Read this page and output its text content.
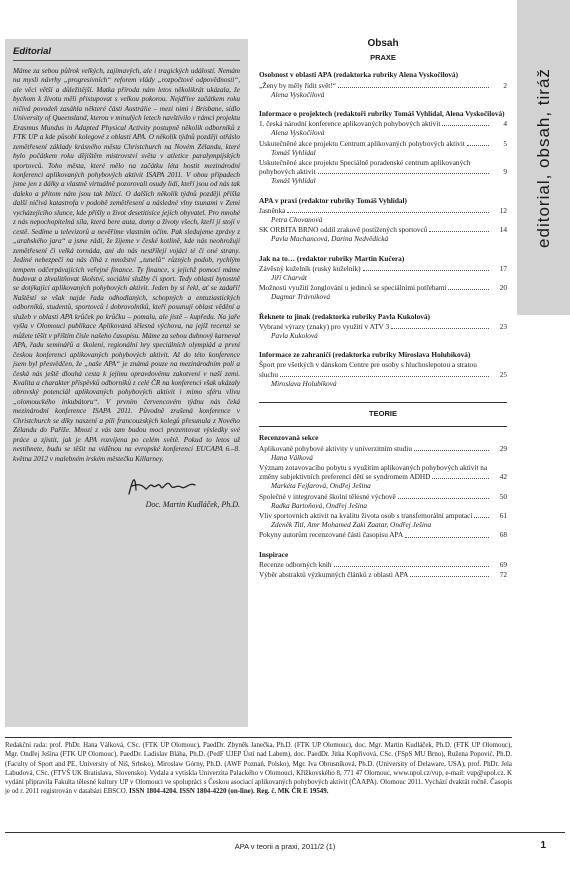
editorial, obsah, tiráž
Editorial

Máme za sebou půlrok velkých, zajímavých, ale i tragických událostí. Nemám na mysli návrhy „progresivních“ reforem vlády „rozpočtové odpovědnosti“, ale věci větší a důležitější. Matka příroda nám letos několikrát ukázala, že bychom k životu měli přistupovat s velkou pokorou. Nejdříve začátkem roku ničivá povodeň zasáhla některé části Austrálie – mezi nimi i Brisbane, sídlo University of Queensland, kterou v minulých letech navštívilo v rámci projektu Erasmus Mundus in Adapted Physical Activity postupně několik odborníků z FTK UP a kde působí kolegové z oblasti APA. O několik týdnů později otřáslo zemětřesení základy krásného města Christchurch na Novém Zélandu, které bylo počátkem roku dějištěm mistrovství světa v atletice paralympijských sportovců. Toho města, které mělo na začátku léta hostit mezinárodní konferenci aplikovaných pohybových aktivit ISAPA 2011. V obou případech jsme jen z dálky a vlastně virtuálně pozorovali osudy lidí, kteří jsou od nás tak daleko a přitom nám jsou tak blízcí. O dalších několik týdnů později přišla další ničivá katastrofa v podobě zemětřesení a následné vlny tsunami v Zemi vycházejícího slunce, kde přišly o život desetitisíce jejích obyvatel. Pro mnohé z nás nepochopitelná síla, která bere auta, domy a životy všech, kteří jí stojí v cestě. Sedíme u televizorů a nevěříme vlastním očím. Pak sledujeme zprávy z „arabského jara“ a jsme rádi, že žijeme v české kotlině, kde nás neohrožují zemětřesení či velká tornáda, ani do nás nestřílejí vojáci té či oné strany. Jediné nebezpečí na nás číhá z množství „tunelů“ různých podob, rychlým tempem odčerpávajících veřejné finance. Ty finance, s jejichž pomocí máme budovat a zkvalitňovat školství, sociální služby či sport. Tedy oblasti bytostně se dotýkající aplikovaných pohybových aktivit. Jeden by si řekl, ať se zadaří! Naštěstí se však najde řada odhodlaných, schopných a entuziastických odborníků, studentů, sportovců i dobrovolníků, kteří posunují oblast vědění a služeb v oblasti APA krůček po krůčku – pomalu, ale jistě – kupředu. Na jaře vyšla v Olomouci publikace Aplikovaná tělesná výchova, na jejíž recenzi se můžete těšit v příštím čísle našeho časopisu. Máme za sebou dubnový karneval APA, řadu seminářů a školení, regionální hry speciálních olympiád a první českou konferenci aplikovaných pohybových aktivit. Až do této konference jsem byl přesvědčen, že „naše APA“ je známá pouze na mezinárodním poli a česká nás ještě dlouhá cesta k jejímu opravdovému zakotvení v naší zemi. Kvalita a charakter příspěvků odborníků z celé ČR na konferenci však ukázaly obrovský potenciál aplikovaných pohybových aktivit i mimo sféru vlivu „olomouckého inkubátoru“. V prvním červencovém týdnu nás čeká mezinárodní konference ISAPA 2011. Původně zrušená konference v Christchurch se díky naszení a píli francouzských kolegů přesunula z Nového Zélandu do Paříže. Mnozí z vás tam budou moci prezentovat výsledky své práce a zjistit, jak je APA rozvíjena po celém světě. Pokud to letos už nestihnete, budu se těšit na viděnou na evropské konferenci EUCAPA 6.–8. května 2012 v malebném irském městečku Killarney.

Doc. Martin Kudláček, Ph.D.
Obsah
PRAXE
Osobnost v oblasti APA (redaktorka rubriky Alena Vyskočilová)
„Ženy by měly řídit svět!“	2
Alena Vyskočilová
Informace o projektech (redaktoři rubriky Tomáš Vyhlídal, Alena Vyskočilová)
1. česká národní konference aplikovaných pohybových aktivit	4
Alena Vyskočilová
Uskutečněné akce projektu Centrum aplikovaných pohybových aktivit	5
Tomáš Vyhlídal
Uskutečněné akce projektu Speciálně poradenské centrum aplikovaných pohybových aktivit	9
Tomáš Vyhlídal
APA v praxi (redaktor rubriky Tomáš Vyhlídal)
Jasněnka	12
Petra Chovanová
SK ORBITA BRNO oddíl zrakově postižených sportovců	14
Pavla Machancová, Darina Nedvědická
Jak na to… (redaktor rubriky Martin Kučera)
Závěsný kuželník (ruský kuželník)	17
Jiří Charvát
Možnosti využití žonglování u jedinců se speciálními potřebami	20
Dagmar Trávníková
Řeknete to jinak (redaktorka rubriky Pavla Kukolová)
Vybrané výrazy (znaky) pro využití v ATV 3	23
Pavla Kukolová
Informace ze zahraničí (redaktorka rubriky Miroslava Holubíková)
Šport pre všetkých v dánskom Centre pre osoby s hluchoslepotou a stratou sluchu	25
Miroslava Holubíková
TEORIE
Recenzovaná sekce
Aplikované pohybové aktivity v univerzitním studiu	29
Hana Válková
Význam zotavovacího pobytu s využitím aplikovaných pohybových aktivit na změny subjektivních preferencí dětí se syndromem ADHD	42
Markéta Fejfarová, Ondřej Ješina
Společné v integrované školní tělesné výchově	50
Radka Bartoňová, Ondřej Ješina
Vliv sportovních aktivit na kvalitu života osob s transfemorální amputací	61
Zdeněk Titl, Amr Mohamed Zaki Zaatar, Ondřej Ješina
Pokyny autorům recenzované části časopisu APA	68
Inspirace
Recenze odborných knih	69
Výběr abstraktů výzkumných článků z oblasti APA	72
Redakční rada: prof. PhDr. Hana Válková, CSc. (FTK UP Olomouc), PaedDr. Zbyněk Janečka, Ph.D. (FTK UP Olomouc), doc. Mgr. Martin Kudláček, Ph.D. (FTK UP Olomouc), Mgr. Ondřej Ješina (FTK UP Olomouc), PaedDr. Ladislav Bláha, Ph.D. (PedF UJEP Ústí nad Labem), doc. PaedDr. Jitka Kopřivová, CSc. (FSpS MU Brno), Ružena Popović, Ph.D. (Faculty of Sport and PE, University of Niš, Srbsko), Mirosław Górny, Ph.D. (AWF Poznań, Polsko), Mgr. Iva Obrusníková, Ph.D. (University of Delaware, USA), prof. PhDr. Jela Labudová, CSc. (FTVŠ UK Bratislava, Slovensko). Vydala a vytiskla Univerzita Palackého v Olomouci, Křížkovského 8, 771 47 Olomouc, www.upol.cz/vup, e-mail: vup@upol.cz. K vydání připravila Fakulta tělesné kultury UP v Olomouci ve spolupráci s Českou asociací aplikovaných pohybových aktivit (ČAAPA). Olomouc 2011. Vychází dvakrát ročně. Časopis je od r. 2011 registrován v databázi EBSCO. ISSN 1804-4204. ISSN 1804-4220 (on-line). Reg. č. MK ČR E 19549.
APA v teorii a praxi, 2011/2 (1)	1
